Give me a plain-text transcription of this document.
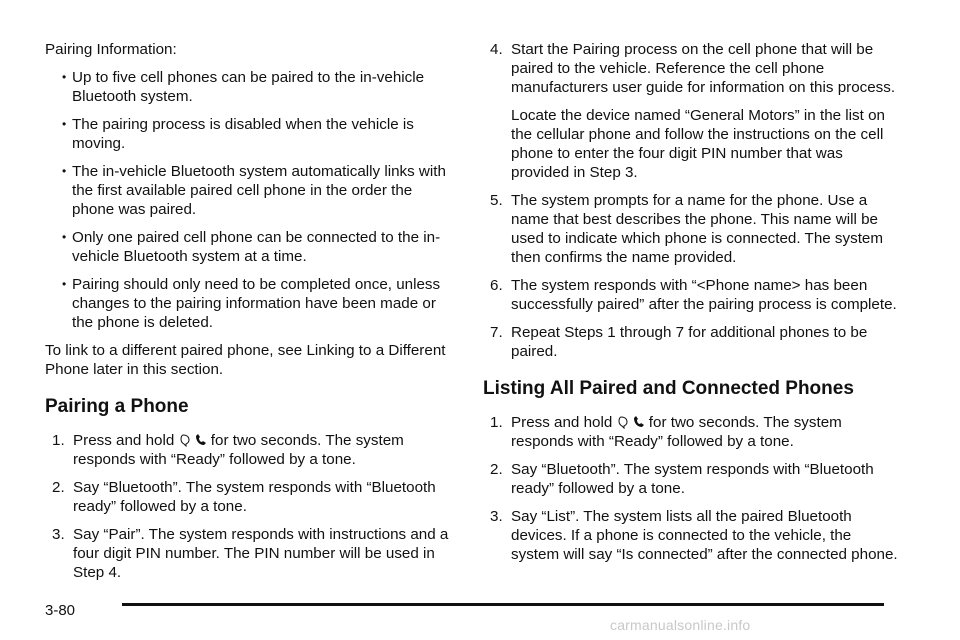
Pairing Information:

• Up to five cell phones can be paired to the in-vehicle Bluetooth system.
• The pairing process is disabled when the vehicle is moving.
• The in-vehicle Bluetooth system automatically links with the first available paired cell phone in the order the phone was paired.
• Only one paired cell phone can be connected to the in-vehicle Bluetooth system at a time.
• Pairing should only need to be completed once, unless changes to the pairing information have been made or the phone is deleted.

To link to a different paired phone, see Linking to a Different Phone later in this section.

Pairing a Phone
1. Press and hold for two seconds. The system responds with “Ready” followed by a tone.
2. Say “Bluetooth”. The system responds with “Bluetooth ready” followed by a tone.
3. Say “Pair”. The system responds with instructions and a four digit PIN number. The PIN number will be used in Step 4.
4. Start the Pairing process on the cell phone that will be paired to the vehicle. Reference the cell phone manufacturers user guide for information on this process.

Locate the device named “General Motors” in the list on the cellular phone and follow the instructions on the cell phone to enter the four digit PIN number that was provided in Step 3.

5. The system prompts for a name for the phone. Use a name that best describes the phone. This name will be used to indicate which phone is connected. The system then confirms the name provided.
6. The system responds with “<Phone name> has been successfully paired” after the pairing process is complete.
7. Repeat Steps 1 through 7 for additional phones to be paired.
Listing All Paired and Connected Phones
1. Press and hold for two seconds. The system responds with “Ready” followed by a tone.
2. Say “Bluetooth”. The system responds with “Bluetooth ready” followed by a tone.
3. Say “List”. The system lists all the paired Bluetooth devices. If a phone is connected to the vehicle, the system will say “Is connected” after the connected phone.
3-80
carmanualsonline.info
